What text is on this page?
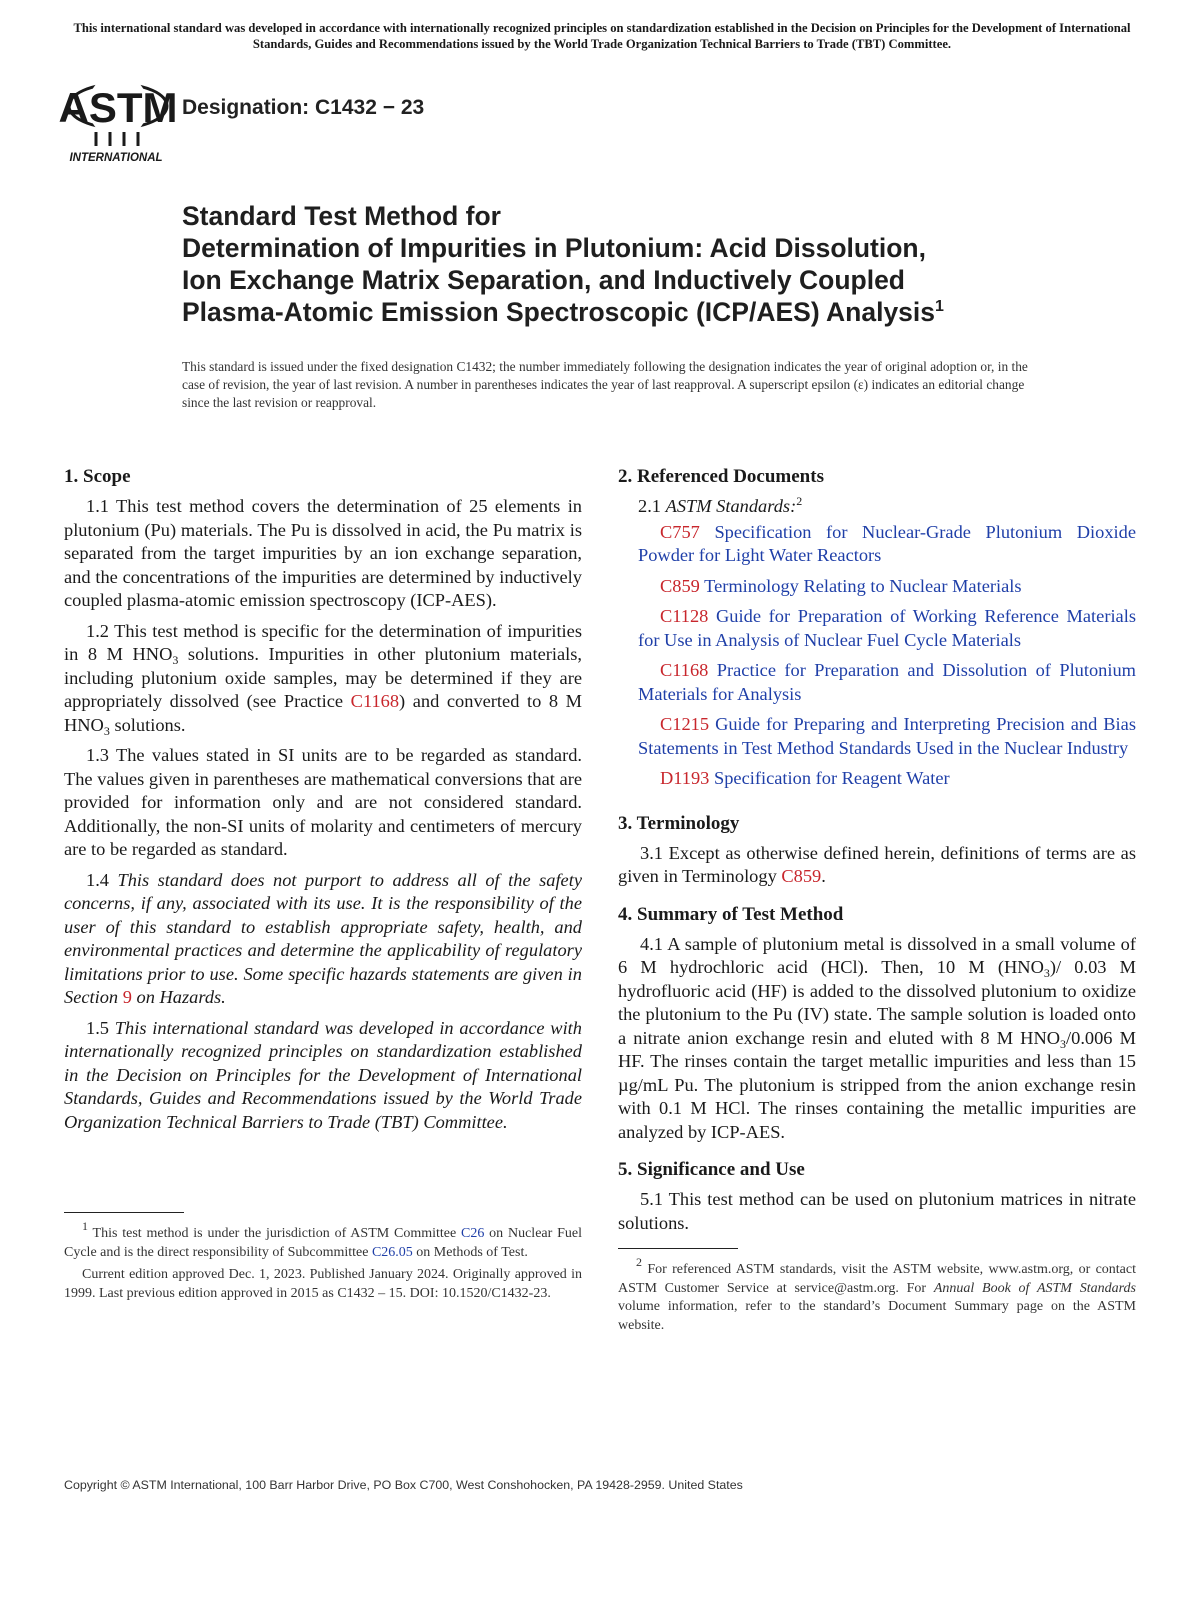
This international standard was developed in accordance with internationally recognized principles on standardization established in the Decision on Principles for the Development of International Standards, Guides and Recommendations issued by the World Trade Organization Technical Barriers to Trade (TBT) Committee.
ASTM
INTERNATIONAL
Designation: C1432 − 23
Standard Test Method for
Determination of Impurities in Plutonium: Acid Dissolution,
Ion Exchange Matrix Separation, and Inductively Coupled
Plasma-Atomic Emission Spectroscopic (ICP/AES) Analysis$^1$
This standard is issued under the fixed designation C1432; the number immediately following the designation indicates the year of original adoption or, in the case of revision, the year of last revision. A number in parentheses indicates the year of last reapproval. A superscript epsilon (ε) indicates an editorial change since the last revision or reapproval.
1. Scope

1.1 This test method covers the determination of 25 elements in plutonium (Pu) materials. The Pu is dissolved in acid, the Pu matrix is separated from the target impurities by an ion exchange separation, and the concentrations of the impurities are determined by inductively coupled plasma-atomic emission spectroscopy (ICP-AES).

1.2 This test method is specific for the determination of impurities in 8 M $HNO_3$ solutions. Impurities in other plutonium materials, including plutonium oxide samples, may be determined if they are appropriately dissolved (see Practice C1168) and converted to 8 M $HNO_3$ solutions.

1.3 The values stated in SI units are to be regarded as standard. The values given in parentheses are mathematical conversions that are provided for information only and are not considered standard. Additionally, the non-SI units of molarity and centimeters of mercury are to be regarded as standard.

1.4 This standard does not purport to address all of the safety concerns, if any, associated with its use. It is the responsibility of the user of this standard to establish appropriate safety, health, and environmental practices and determine the applicability of regulatory limitations prior to use. Some specific hazards statements are given in Section 9 on Hazards.

1.5 This international standard was developed in accordance with internationally recognized principles on standardization established in the Decision on Principles for the Development of International Standards, Guides and Recommendations issued by the World Trade Organization Technical Barriers to Trade (TBT) Committee.

2. Referenced Documents
2.1 ASTM Standards:$^2$

C757 Specification for Nuclear-Grade Plutonium Dioxide Powder for Light Water Reactors

C859 Terminology Relating to Nuclear Materials

C1128 Guide for Preparation of Working Reference Materials for Use in Analysis of Nuclear Fuel Cycle Materials

C1168 Practice for Preparation and Dissolution of Plutonium Materials for Analysis

C1215 Guide for Preparing and Interpreting Precision and Bias Statements in Test Method Standards Used in the Nuclear Industry

D1193 Specification for Reagent Water

3. Terminology

3.1 Except as otherwise defined herein, definitions of terms are as given in Terminology C859.

4. Summary of Test Method

4.1 A sample of plutonium metal is dissolved in a small volume of 6 M hydrochloric acid (HCl). Then, 10 M $(HNO_3)/$ 0.03 M hydrofluoric acid (HF) is added to the dissolved plutonium to oxidize the plutonium to the Pu (IV) state. The sample solution is loaded onto a nitrate anion exchange resin and eluted with 8 M $HNO_3/0.006$ M HF. The rinses contain the target metallic impurities and less than 15 µg/mL Pu. The plutonium is stripped from the anion exchange resin with 0.1 M HCl. The rinses containing the metallic impurities are analyzed by ICP-AES.

5. Significance and Use

5.1 This test method can be used on plutonium matrices in nitrate solutions.

$^1$ This test method is under the jurisdiction of ASTM Committee C26 on Nuclear Fuel Cycle and is the direct responsibility of Subcommittee C26.05 on Methods of Test.

Current edition approved Dec. 1, 2023. Published January 2024. Originally approved in 1999. Last previous edition approved in 2015 as C1432 – 15. DOI: 10.1520/C1432-23.

$^2$ For referenced ASTM standards, visit the ASTM website, www.astm.org, or contact ASTM Customer Service at service@astm.org. For Annual Book of ASTM Standards volume information, refer to the standard’s Document Summary page on the ASTM website.

Copyright © ASTM International, 100 Barr Harbor Drive, PO Box C700, West Conshohocken, PA 19428-2959. United States
